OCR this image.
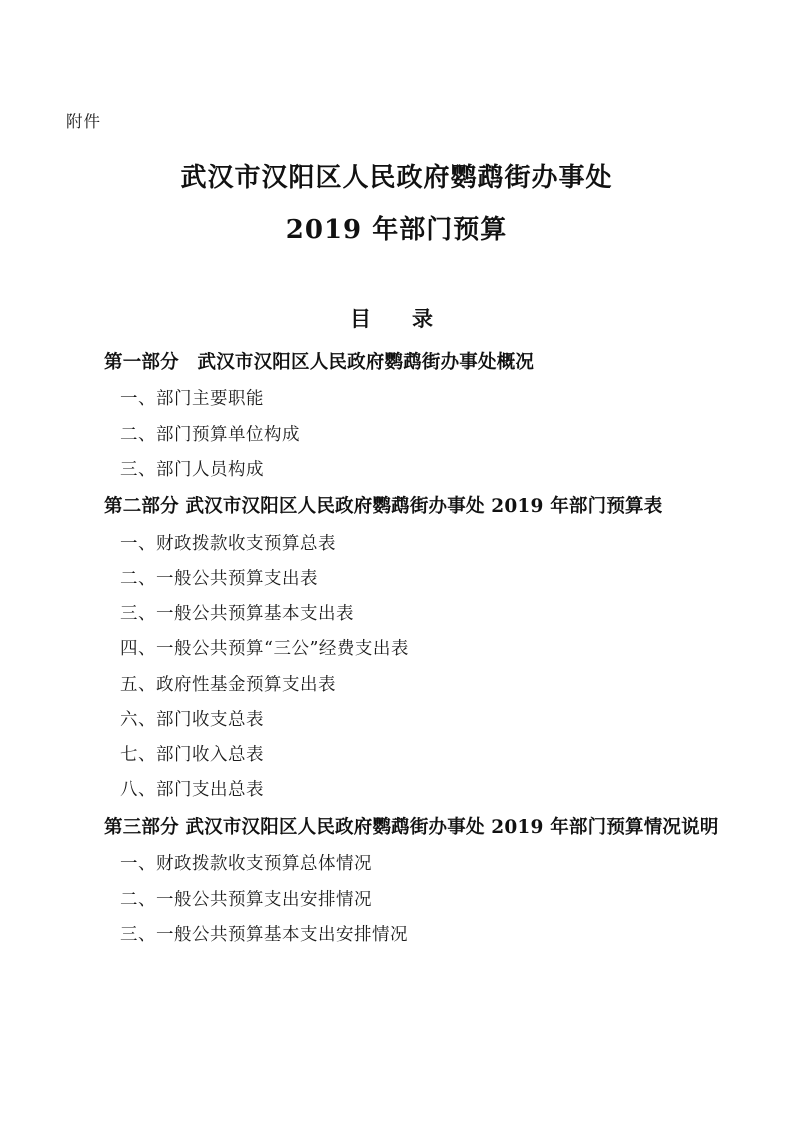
附件
武汉市汉阳区人民政府鹦鹉街办事处
2019 年部门预算
目　录
第一部分　武汉市汉阳区人民政府鹦鹉街办事处概况
一、部门主要职能
二、部门预算单位构成
三、部门人员构成
第二部分 武汉市汉阳区人民政府鹦鹉街办事处 2019 年部门预算表
一、财政拨款收支预算总表
二、一般公共预算支出表
三、一般公共预算基本支出表
四、一般公共预算“三公”经费支出表
五、政府性基金预算支出表
六、部门收支总表
七、部门收入总表
八、部门支出总表
第三部分 武汉市汉阳区人民政府鹦鹉街办事处 2019 年部门预算情况说明
一、财政拨款收支预算总体情况
二、一般公共预算支出安排情况
三、一般公共预算基本支出安排情况
